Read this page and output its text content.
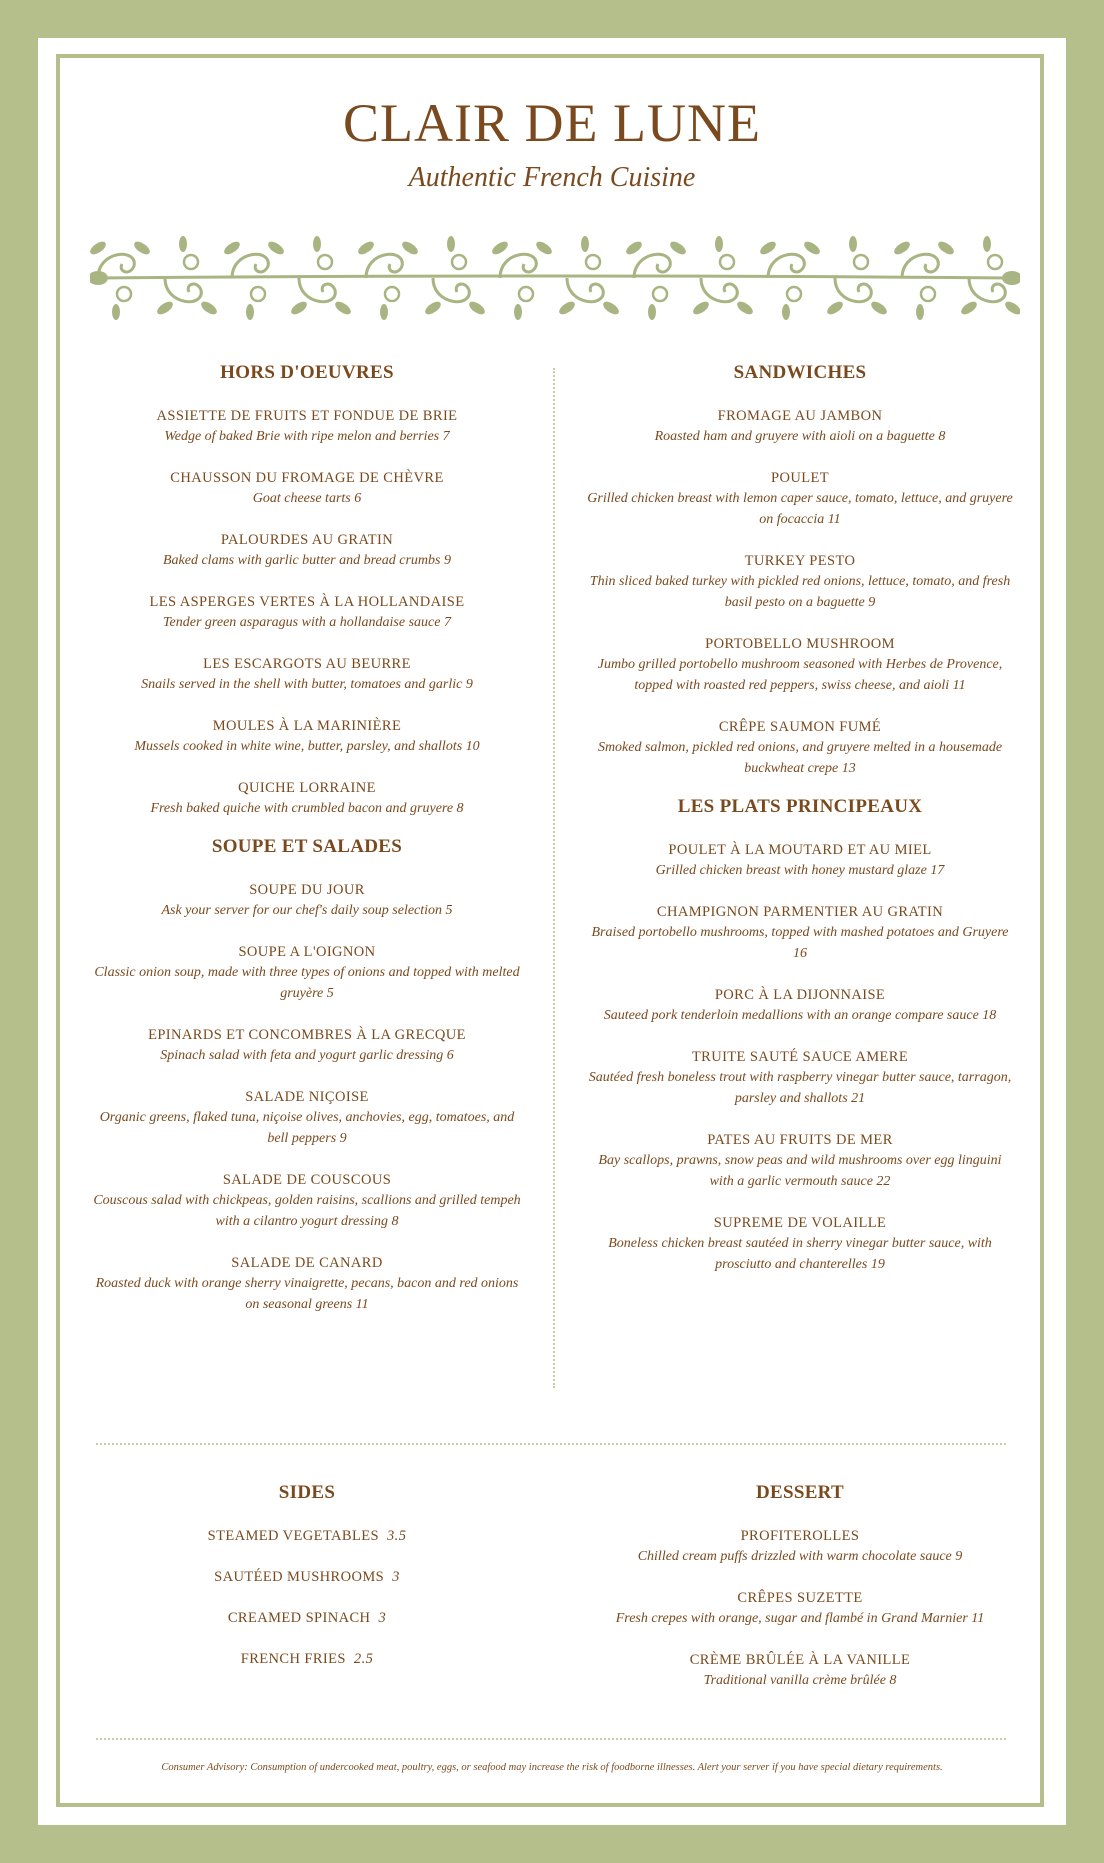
CLAIR DE LUNE
Authentic French Cuisine
HORS D'OEUVRES
ASSIETTE DE FRUITS ET FONDUE DE BRIE
Wedge of baked Brie with ripe melon and berries 7
CHAUSSON DU FROMAGE DE CHÈVRE
Goat cheese tarts 6
PALOURDES AU GRATIN
Baked clams with garlic butter and bread crumbs 9
LES ASPERGES VERTES À LA HOLLANDAISE
Tender green asparagus with a hollandaise sauce 7
LES ESCARGOTS AU BEURRE
Snails served in the shell with butter, tomatoes and garlic 9
MOULES À LA MARINIÈRE
Mussels cooked in white wine, butter, parsley, and shallots 10
QUICHE LORRAINE
Fresh baked quiche with crumbled bacon and gruyere 8
SOUPE ET SALADES
SOUPE DU JOUR
Ask your server for our chef's daily soup selection 5
SOUPE A L'OIGNON
Classic onion soup, made with three types of onions and topped with melted gruyère 5
EPINARDS ET CONCOMBRES À LA GRECQUE
Spinach salad with feta and yogurt garlic dressing 6
SALADE NIÇOISE
Organic greens, flaked tuna, niçoise olives, anchovies, egg, tomatoes, and bell peppers 9
SALADE DE COUSCOUS
Couscous salad with chickpeas, golden raisins, scallions and grilled tempeh with a cilantro yogurt dressing 8
SALADE DE CANARD
Roasted duck with orange sherry vinaigrette, pecans, bacon and red onions on seasonal greens 11
SANDWICHES
FROMAGE AU JAMBON
Roasted ham and gruyere with aioli on a baguette 8
POULET
Grilled chicken breast with lemon caper sauce, tomato, lettuce, and gruyere on focaccia 11
TURKEY PESTO
Thin sliced baked turkey with pickled red onions, lettuce, tomato, and fresh basil pesto on a baguette 9
PORTOBELLO MUSHROOM
Jumbo grilled portobello mushroom seasoned with Herbes de Provence, topped with roasted red peppers, swiss cheese, and aioli 11
CRÊPE SAUMON FUMÉ
Smoked salmon, pickled red onions, and gruyere melted in a housemade buckwheat crepe 13
LES PLATS PRINCIPEAUX
POULET À LA MOUTARD ET AU MIEL
Grilled chicken breast with honey mustard glaze 17
CHAMPIGNON PARMENTIER AU GRATIN
Braised portobello mushrooms, topped with mashed potatoes and Gruyere 16
PORC À LA DIJONNAISE
Sauteed pork tenderloin medallions with an orange compare sauce 18
TRUITE SAUTÉ SAUCE AMERE
Sautéed fresh boneless trout with raspberry vinegar butter sauce, tarragon, parsley and shallots 21
PATES AU FRUITS DE MER
Bay scallops, prawns, snow peas and wild mushrooms over egg linguini with a garlic vermouth sauce 22
SUPREME DE VOLAILLE
Boneless chicken breast sautéed in sherry vinegar butter sauce, with prosciutto and chanterelles 19
SIDES
STEAMED VEGETABLES 3.5
SAUTÉED MUSHROOMS 3
CREAMED SPINACH 3
FRENCH FRIES 2.5
DESSERT
PROFITEROLLES
Chilled cream puffs drizzled with warm chocolate sauce 9
CRÊPES SUZETTE
Fresh crepes with orange, sugar and flambé in Grand Marnier 11
CRÈME BRÛLÉE À LA VANILLE
Traditional vanilla crème brûlée 8
Consumer Advisory: Consumption of undercooked meat, poultry, eggs, or seafood may increase the risk of foodborne illnesses. Alert your server if you have special dietary requirements.
